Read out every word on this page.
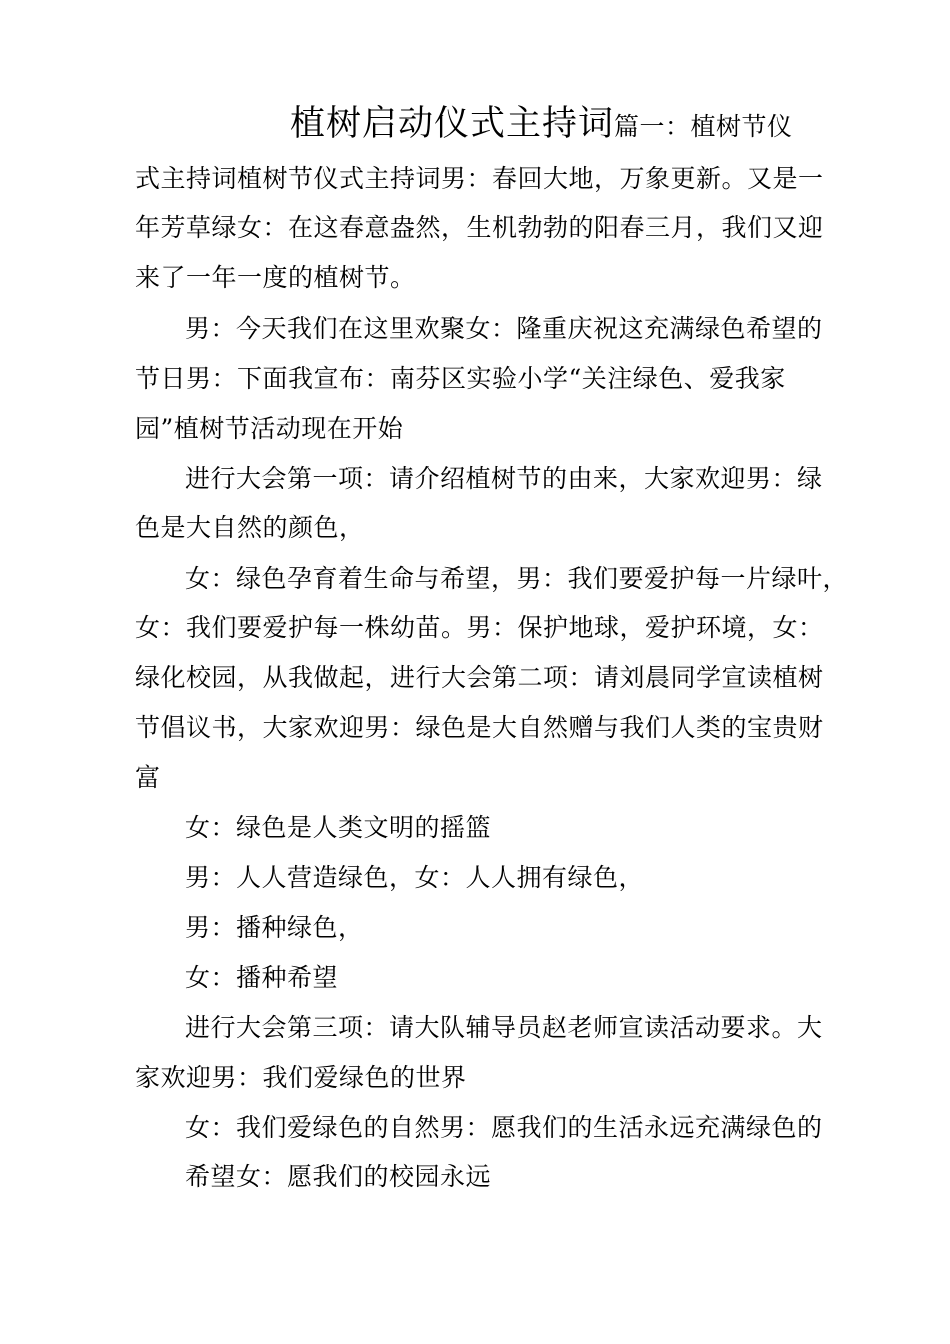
植树启动仪式主持词篇一：植树节仪
式主持词植树节仪式主持词男：春回大地，万象更新。又是一
年芳草绿女：在这春意盎然，生机勃勃的阳春三月，我们又迎
来了一年一度的植树节。
男：今天我们在这里欢聚女：隆重庆祝这充满绿色希望的
节日男：下面我宣布：南芬区实验小学“关注绿色、爱我家
园”植树节活动现在开始
进行大会第一项：请介绍植树节的由来，大家欢迎男：绿
色是大自然的颜色，
女：绿色孕育着生命与希望，男：我们要爱护每一片绿叶，
女：我们要爱护每一株幼苗。男：保护地球，爱护环境，女：
绿化校园，从我做起，进行大会第二项：请刘晨同学宣读植树
节倡议书，大家欢迎男：绿色是大自然赠与我们人类的宝贵财
富
女：绿色是人类文明的摇篮
男：人人营造绿色，女：人人拥有绿色，
男：播种绿色，
女：播种希望
进行大会第三项：请大队辅导员赵老师宣读活动要求。大
家欢迎男：我们爱绿色的世界
女：我们爱绿色的自然男：愿我们的生活永远充满绿色的
希望女：愿我们的校园永远
